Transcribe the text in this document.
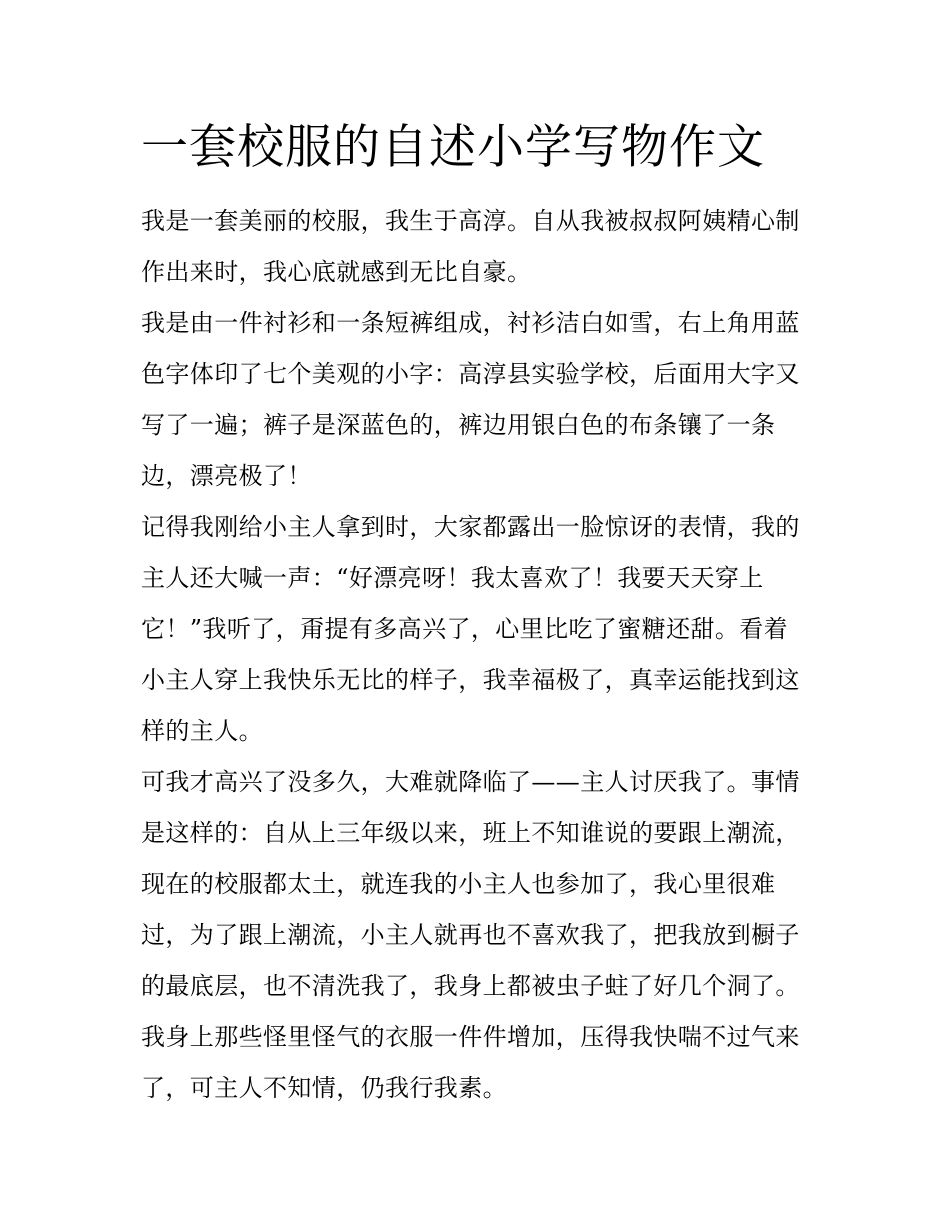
一套校服的自述小学写物作文

我是一套美丽的校服，我生于高淳。自从我被叔叔阿姨精心制
作出来时，我心底就感到无比自豪。

我是由一件衬衫和一条短裤组成，衬衫洁白如雪，右上角用蓝
色字体印了七个美观的小字：高淳县实验学校，后面用大字又
写了一遍；裤子是深蓝色的，裤边用银白色的布条镶了一条
边，漂亮极了！

记得我刚给小主人拿到时，大家都露出一脸惊讶的表情，我的
主人还大喊一声：“好漂亮呀！我太喜欢了！我要天天穿上
它！”我听了，甭提有多高兴了，心里比吃了蜜糖还甜。看着
小主人穿上我快乐无比的样子，我幸福极了，真幸运能找到这
样的主人。

可我才高兴了没多久，大难就降临了——主人讨厌我了。事情
是这样的：自从上三年级以来，班上不知谁说的要跟上潮流，
现在的校服都太土，就连我的小主人也参加了，我心里很难
过，为了跟上潮流，小主人就再也不喜欢我了，把我放到橱子
的最底层，也不清洗我了，我身上都被虫子蛀了好几个洞了。
我身上那些怪里怪气的衣服一件件增加，压得我快喘不过气来
了，可主人不知情，仍我行我素。
